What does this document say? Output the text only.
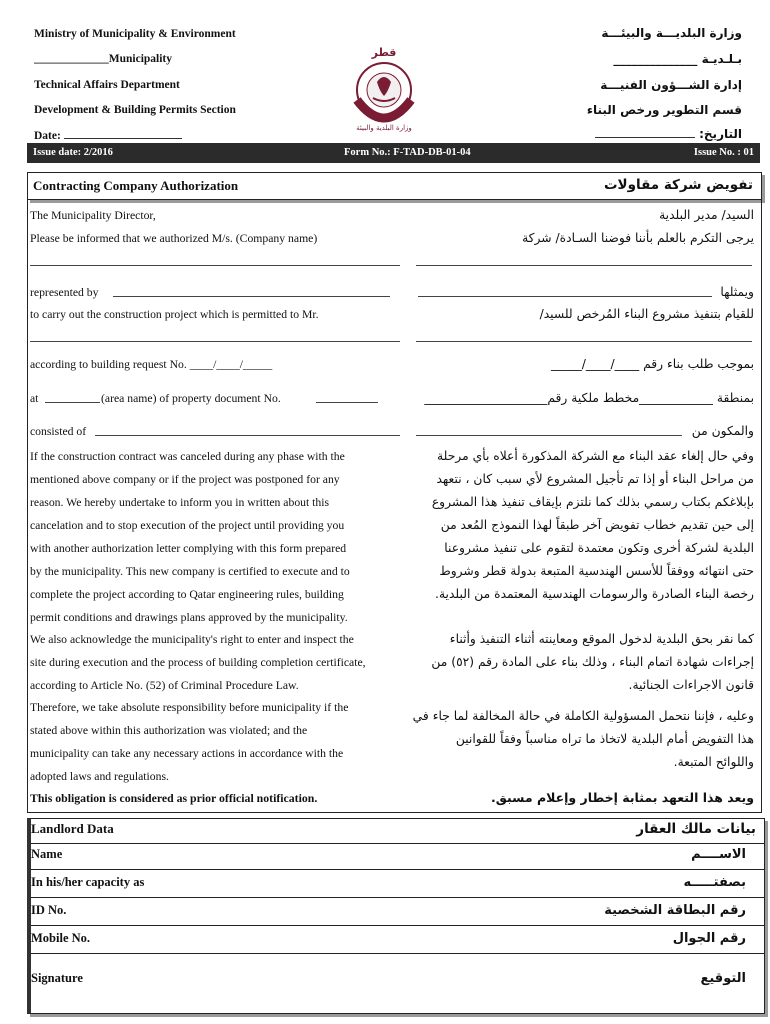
Ministry of Municipality & Environment
_____________Municipality
Technical Affairs Department
Development & Building Permits Section
Date:
وزارة البلديـــة والبيئـــة
بـلـديـة ______________
إدارة الشـــؤون الفنيـــة
قسم التطوير ورخص البناء
التاريخ:
قطر
وزارة البلدية والبيئة
Issue date: 2/2016	Form No.: F-TAD-DB-01-04	Issue No. : 01
Contracting Company Authorization	تفويض شركة مقاولات
The Municipality Director,
Please be informed that we authorized M/s. (Company name)
represented by
to carry out the construction project which is permitted to Mr.
according to building request No. ____/____/_____
at	(area name) of property document No.
consisted of
If the construction contract was canceled during any phase with the
mentioned above company or if the project was postponed for any
reason. We hereby undertake to inform you in written about this
cancelation and to stop execution of the project until providing you
with another authorization letter complying with this form prepared
by the municipality. This new company is certified to execute and to
complete the project according to Qatar engineering rules, building
permit conditions and drawings plans approved by the municipality.
We also acknowledge the municipality's right to enter and inspect the
site during execution and the process of building completion certificate,
according to Article No. (52) of Criminal Procedure Law.
Therefore, we take absolute responsibility before municipality if the
stated above within this authorization was violated; and the
municipality can take any necessary actions in accordance with the
adopted laws and regulations.
This obligation is considered as prior official notification.
السيد/ مدير البلدية
يرجى التكرم بالعلم بأننا فوضنا السـادة/ شركة
ويمثلها
للقيام بتنفيذ مشروع البناء المُرخص للسيد/
بموجب طلب بناء رقم ____/____/_____
بمنطقة ____________مخطط ملكية رقم____________________
والمكون من
وفي حال إلغاء عقد البناء مع الشركة المذكورة أعلاه بأي مرحلة
من مراحل البناء أو إذا تم تأجيل المشروع لأي سبب كان ، نتعهد
بإبلاغكم بكتاب رسمي بذلك كما نلتزم بإيقاف تنفيذ هذا المشروع
إلى حين تقديم خطاب تفويض آخر طبقاً لهذا النموذج المُعد من
البلدية لشركة أخرى وتكون معتمدة لتقوم على تنفيذ مشروعنا
حتى انتهائه ووفقاً للأسس الهندسية المتبعة بدولة قطر وشروط
رخصة البناء الصادرة والرسومات الهندسية المعتمدة من البلدية.
كما نقر بحق البلدية لدخول الموقع ومعاينته أثناء التنفيذ وأثناء
إجراءات شهادة اتمام البناء ، وذلك بناء على المادة رقم (٥٢) من
قانون الاجراءات الجنائية.
وعليه ، فإننا نتحمل المسؤولية الكاملة في حالة المخالفة لما جاء في
هذا التفويض أمام البلدية لاتخاذ ما تراه مناسباً وفقاً للقوانين
واللوائح المتبعة.
ويعد هذا التعهد بمثابة إخطار وإعلام مسبق.
Landlord Data	بيانات مالك العقار
Name	الاســــم
In his/her capacity as	بصفتـــــه
ID No.	رقم البطاقة الشخصية
Mobile No.	رقم الجوال
Signature	التوقيع
